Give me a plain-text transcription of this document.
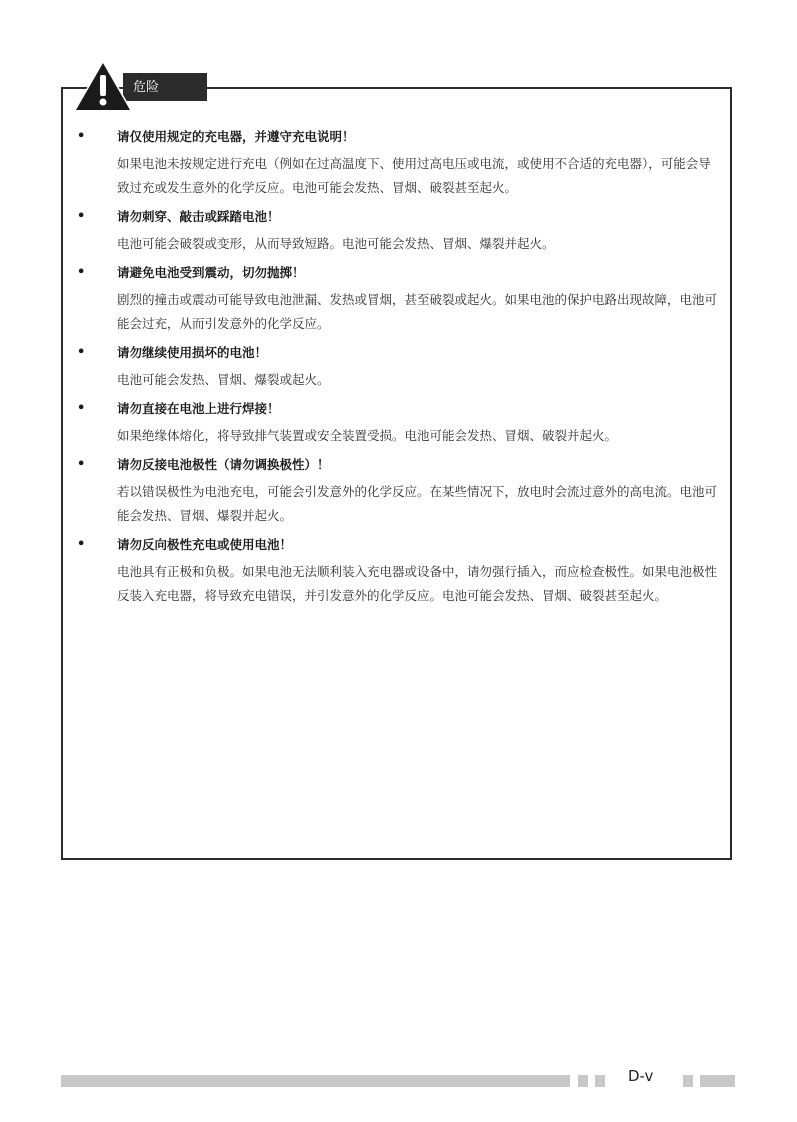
危险
•	请仅使用规定的充电器，并遵守充电说明！
如果电池未按规定进行充电（例如在过高温度下、使用过高电压或电流，或使用不合适的充电器），可能会导致过充或发生意外的化学反应。电池可能会发热、冒烟、破裂甚至起火。
•	请勿刺穿、敲击或踩踏电池！
电池可能会破裂或变形，从而导致短路。电池可能会发热、冒烟、爆裂并起火。
•	请避免电池受到震动，切勿抛掷！
剧烈的撞击或震动可能导致电池泄漏、发热或冒烟，甚至破裂或起火。如果电池的保护电路出现故障，电池可能会过充，从而引发意外的化学反应。
•	请勿继续使用损坏的电池！
电池可能会发热、冒烟、爆裂或起火。
•	请勿直接在电池上进行焊接！
如果绝缘体熔化，将导致排气装置或安全装置受损。电池可能会发热、冒烟、破裂并起火。
•	请勿反接电池极性（请勿调换极性）！
若以错误极性为电池充电，可能会引发意外的化学反应。在某些情况下，放电时会流过意外的高电流。电池可能会发热、冒烟、爆裂并起火。
•	请勿反向极性充电或使用电池！
电池具有正极和负极。如果电池无法顺利装入充电器或设备中，请勿强行插入，而应检查极性。如果电池极性反装入充电器，将导致充电错误，并引发意外的化学反应。电池可能会发热、冒烟、破裂甚至起火。
D-v
